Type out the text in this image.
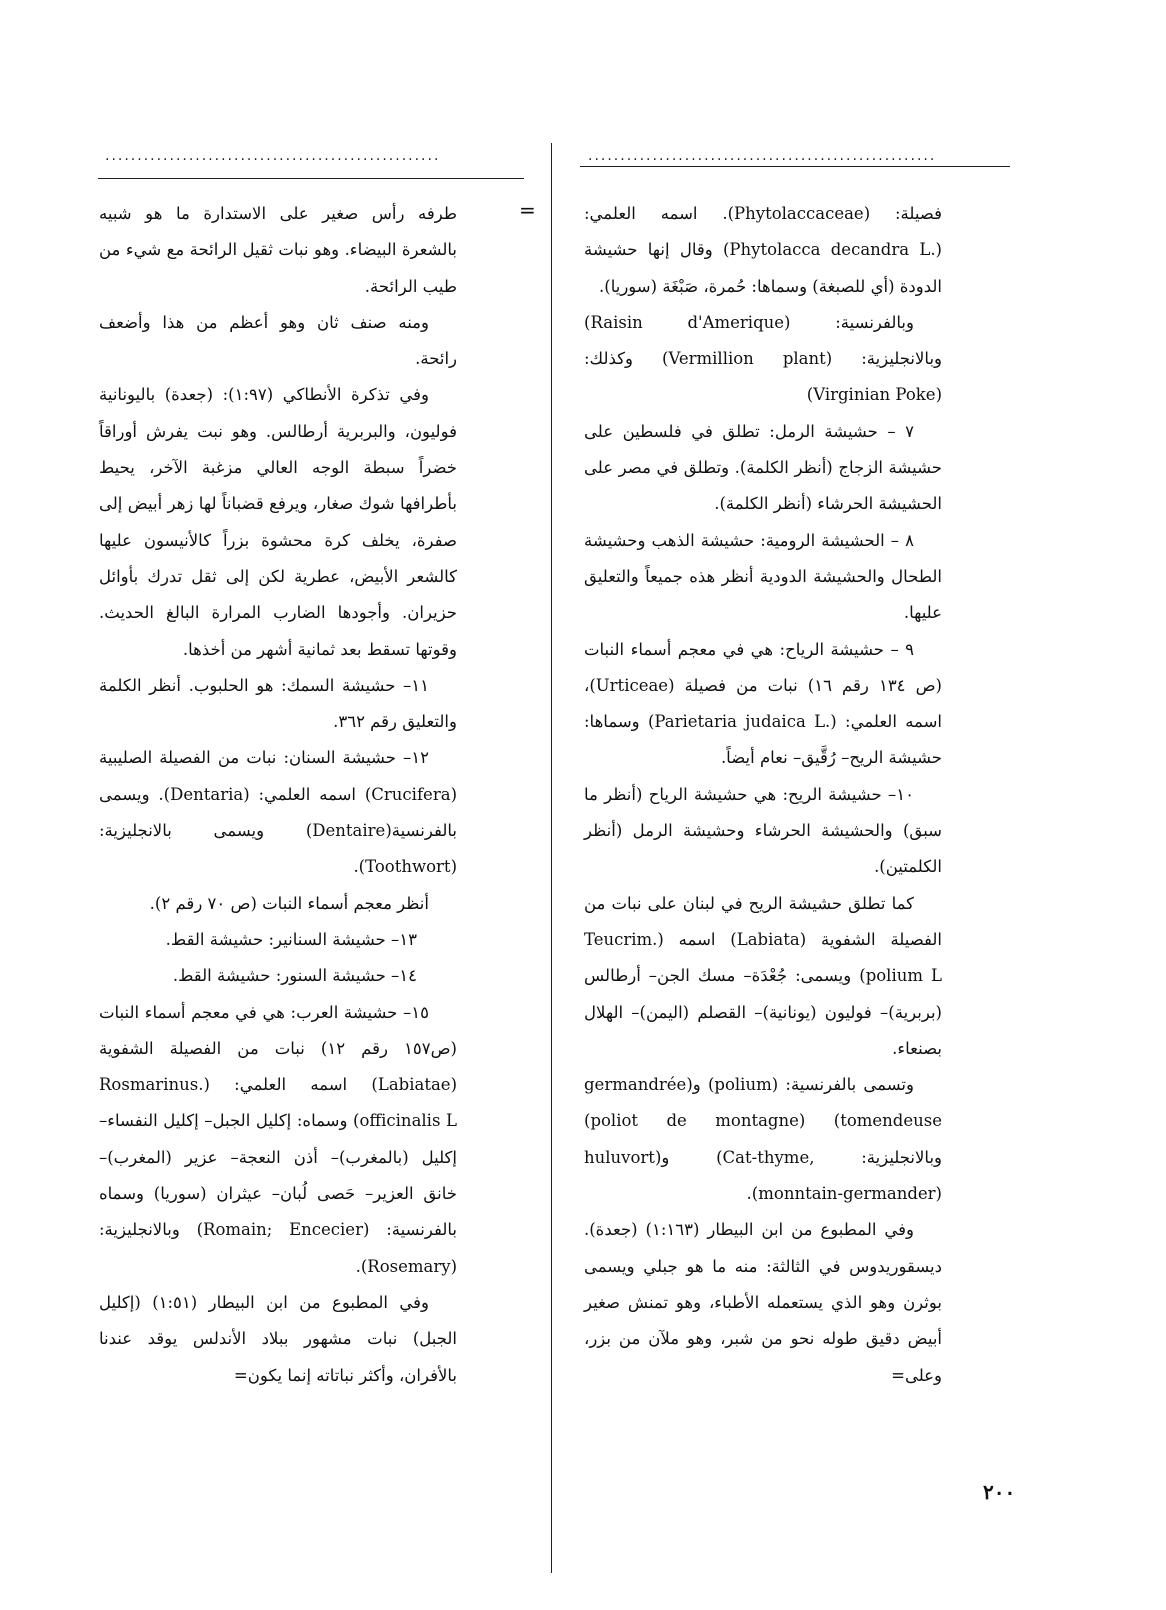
....................................................	......................................................
=	فصيلة: (Phytolaccaceae). اسمه العلمي: (.Phytolacca decandra L) وقال إنها حشيشة الدودة (أي للصبغة) وسماها: حُمرة، صَبْغَة (سوريا).

وبالفرنسية: (Raisin d'Amerique) وبالانجليزية: (Vermillion plant) وكذلك: (Virginian Poke)

٧ – حشيشة الرمل: تطلق في فلسطين على حشيشة الزجاج (أنظر الكلمة). وتطلق في مصر على الحشيشة الحرشاء (أنظر الكلمة).

٨ – الحشيشة الرومية: حشيشة الذهب وحشيشة الطحال والحشيشة الدودية أنظر هذه جميعاً والتعليق عليها.

٩ – حشيشة الرياح: هي في معجم أسماء النبات (ص ١٣٤ رقم ١٦) نبات من فصيلة (Urticeae)، اسمه العلمي: (.Parietaria judaica L) وسماها: حشيشة الريح– رُقَّيق– نعام أيضاً.

١٠– حشيشة الريح: هي حشيشة الرياح (أنظر ما سبق) والحشيشة الحرشاء وحشيشة الرمل (أنظر الكلمتين).

كما تطلق حشيشة الريح في لبنان على نبات من الفصيلة الشفوية (Labiata) اسمه (.Teucrim polium L) ويسمى: جُعْدَة– مسك الجن– أرطالس (بربرية)– فوليون (يونانية)– القصلم (اليمن)– الهلال بصنعاء.

وتسمى بالفرنسية: (polium) و(germandrée tomendeuse) (poliot de montagne) وبالانجليزية: ,Cat-thyme) و(huluvort (monntain-germander).

وفي المطبوع من ابن البيطار (١:١٦٣) (جعدة). ديسقوريدوس في الثالثة: منه ما هو جبلي ويسمى بوثرن وهو الذي يستعمله الأطباء، وهو تمنش صغير أبيض دقيق طوله نحو من شبر، وهو ملآن من بزر، وعلى=

طرفه رأس صغير على الاستدارة ما هو شبيه بالشعرة البيضاء. وهو نبات ثقيل الرائحة مع شيء من طيب الرائحة.

ومنه صنف ثان وهو أعظم من هذا وأضعف رائحة.

وفي تذكرة الأنطاكي (١:٩٧): (جعدة) باليونانية فوليون، والبربرية أرطالس. وهو نبت يفرش أوراقاً خضراً سبطة الوجه العالي مزغبة الآخر، يحيط بأطرافها شوك صغار، ويرفع قضباناً لها زهر أبيض إلى صفرة، يخلف كرة محشوة بزراً كالأنيسون عليها كالشعر الأبيض، عطرية لكن إلى ثقل تدرك بأوائل حزيران. وأجودها الضارب المرارة البالغ الحديث. وقوتها تسقط بعد ثمانية أشهر من أخذها.

١١– حشيشة السمك: هو الحلبوب. أنظر الكلمة والتعليق رقم ٣٦٢.

١٢– حشيشة السنان: نبات من الفصيلة الصليبية (Crucifera) اسمه العلمي: (Dentaria). ويسمى بالفرنسية(Dentaire) ويسمى بالانجليزية: (Toothwort).

أنظر معجم أسماء النبات (ص ٧٠ رقم ٢).

١٣– حشيشة السنانير: حشيشة القط.

١٤– حشيشة السنور: حشيشة القط.

١٥– حشيشة العرب: هي في معجم أسماء النبات (ص١٥٧ رقم ١٢) نبات من الفصيلة الشفوية (Labiatae) اسمه العلمي: (.Rosmarinus officinalis L) وسماه: إكليل الجبل– إكليل النفساء– إكليل (بالمغرب)– أذن النعجة– عزير (المغرب)– خانق العزير– حَصى لُبان– عيثران (سوريا) وسماه بالفرنسية: (Romain; Encecier) وبالانجليزية: (Rosemary).

وفي المطبوع من ابن البيطار (١:٥١) (إكليل الجبل) نبات مشهور ببلاد الأندلس يوقد عندنا بالأفران، وأكثر نباتاته إنما يكون=

٢٠٠
